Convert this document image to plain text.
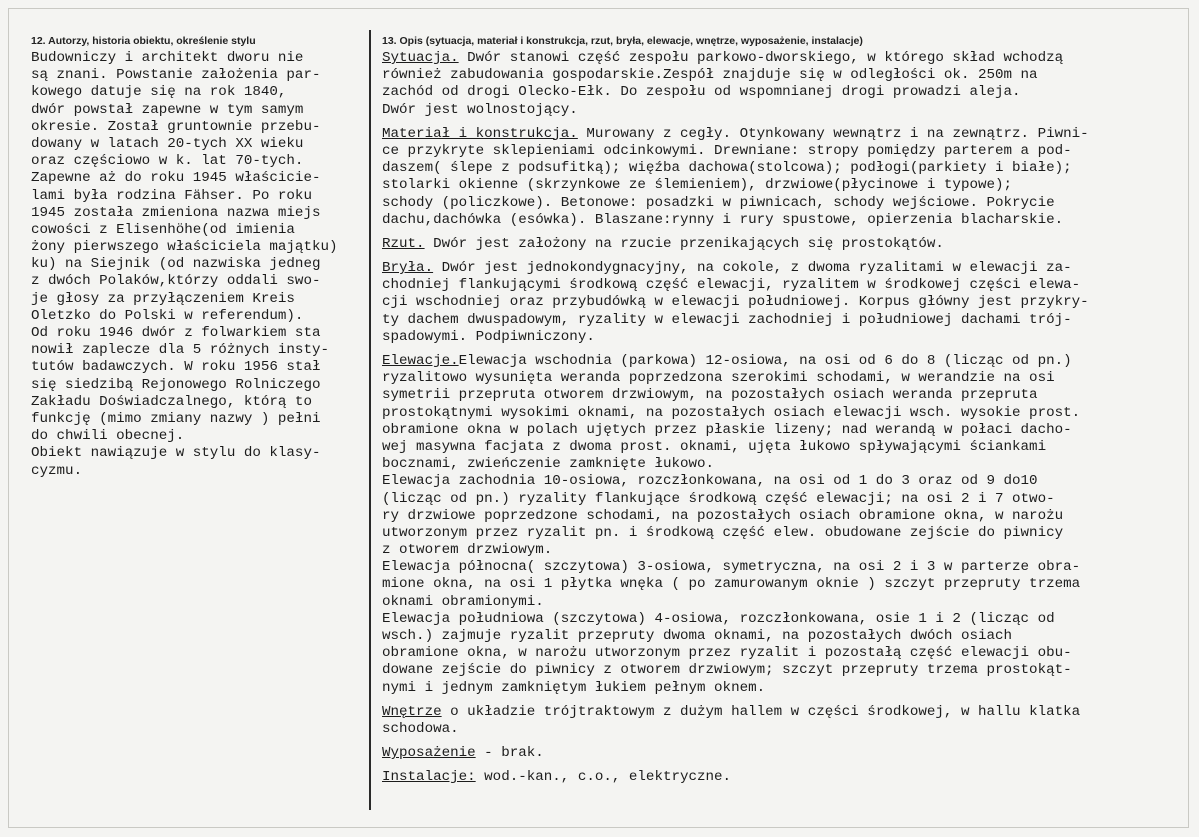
12. Autorzy, historia obiektu, określenie stylu	13. Opis (sytuacja, materiał i konstrukcja, rzut, bryła, elewacje, wnętrze, wyposażenie, instalacje)
Budowniczy i architekt dworu nie
są znani. Powstanie założenia par-
kowego datuje się na rok 1840,
dwór powstał zapewne w tym samym
okresie. Został gruntownie przebu-
dowany w latach 20-tych XX wieku
oraz częściowo w k. lat 70-tych.
Zapewne aż do roku 1945 właścicie-
lami była rodzina Fähser. Po roku
1945 została zmieniona nazwa miejs
cowości z Elisenhöhe(od imienia
żony pierwszego właściciela majątku)
ku) na Siejnik (od nazwiska jedneg
z dwóch Polaków,którzy oddali swo-
je głosy za przyłączeniem Kreis
Oletzko do Polski w referendum).
Od roku 1946 dwór z folwarkiem sta
nowił zaplecze dla 5 różnych insty-
tutów badawczych. W roku 1956 stał
się siedzibą Rejonowego Rolniczego
Zakładu Doświadczalnego, którą to
funkcję (mimo zmiany nazwy ) pełni
do chwili obecnej.
Obiekt nawiązuje w stylu do klasy-
cyzmu.
Sytuacja. Dwór stanowi część zespołu parkowo-dworskiego, w którego skład wchodzą
również zabudowania gospodarskie.Zespół znajduje się w odległości ok. 250m na
zachód od drogi Olecko-Ełk. Do zespołu od wspomnianej drogi prowadzi aleja.
Dwór jest wolnostojący.
Materiał i konstrukcja. Murowany z cegły. Otynkowany wewnątrz i na zewnątrz. Piwni-
ce przykryte sklepieniami odcinkowymi. Drewniane: stropy pomiędzy parterem a pod-
daszem( ślepe z podsufitką); więźba dachowa(stolcowa); podłogi(parkiety i białe);
stolarki okienne (skrzynkowe ze ślemieniem), drzwiowe(płycinowe i typowe);
schody (policzkowe). Betonowe: posadzki w piwnicach, schody wejściowe. Pokrycie
dachu,dachówka (esówka). Blaszane:rynny i rury spustowe, opierzenia blacharskie.
Rzut. Dwór jest założony na rzucie przenikających się prostokątów.
Bryła. Dwór jest jednokondygnacyjny, na cokole, z dwoma ryzalitami w elewacji za-
chodniej flankującymi środkową część elewacji, ryzalitem w środkowej części elewa-
cji wschodniej oraz przybudówką w elewacji południowej. Korpus główny jest przykry-
ty dachem dwuspadowym, ryzality w elewacji zachodniej i południowej dachami trój-
spadowymi. Podpiwniczony.
Elewacje.Elewacja wschodnia (parkowa) 12-osiowa, na osi od 6 do 8 (licząc od pn.)
ryzalitowo wysunięta weranda poprzedzona szerokimi schodami, w werandzie na osi
symetrii przepruta otworem drzwiowym, na pozostałych osiach weranda przepruta
prostokątnymi wysokimi oknami, na pozostałych osiach elewacji wsch. wysokie prost.
obramione okna w polach ujętych przez płaskie lizeny; nad werandą w połaci dacho-
wej masywna facjata z dwoma prost. oknami, ujęta łukowo spływającymi ściankami
bocznami, zwieńczenie zamknięte łukowo.
Elewacja zachodnia 10-osiowa, rozczłonkowana, na osi od 1 do 3 oraz od 9 do10
(licząc od pn.) ryzality flankujące środkową część elewacji; na osi 2 i 7 otwo-
ry drzwiowe poprzedzone schodami, na pozostałych osiach obramione okna, w narożu
utworzonym przez ryzalit pn. i środkową część elew. obudowane zejście do piwnicy
z otworem drzwiowym.
Elewacja północna( szczytowa) 3-osiowa, symetryczna, na osi 2 i 3 w parterze obra-
mione okna, na osi 1 płytka wnęka ( po zamurowanym oknie ) szczyt przepruty trzema
oknami obramionymi.
Elewacja południowa (szczytowa) 4-osiowa, rozczłonkowana, osie 1 i 2 (licząc od
wsch.) zajmuje ryzalit przepruty dwoma oknami, na pozostałych dwóch osiach
obramione okna, w narożu utworzonym przez ryzalit i pozostałą część elewacji obu-
dowane zejście do piwnicy z otworem drzwiowym; szczyt przepruty trzema prostokąt-
nymi i jednym zamkniętym łukiem pełnym oknem.
Wnętrze o układzie trójtraktowym z dużym hallem w części środkowej, w hallu klatka
schodowa.
Wyposażenie - brak.
Instalacje: wod.-kan., c.o., elektryczne.
